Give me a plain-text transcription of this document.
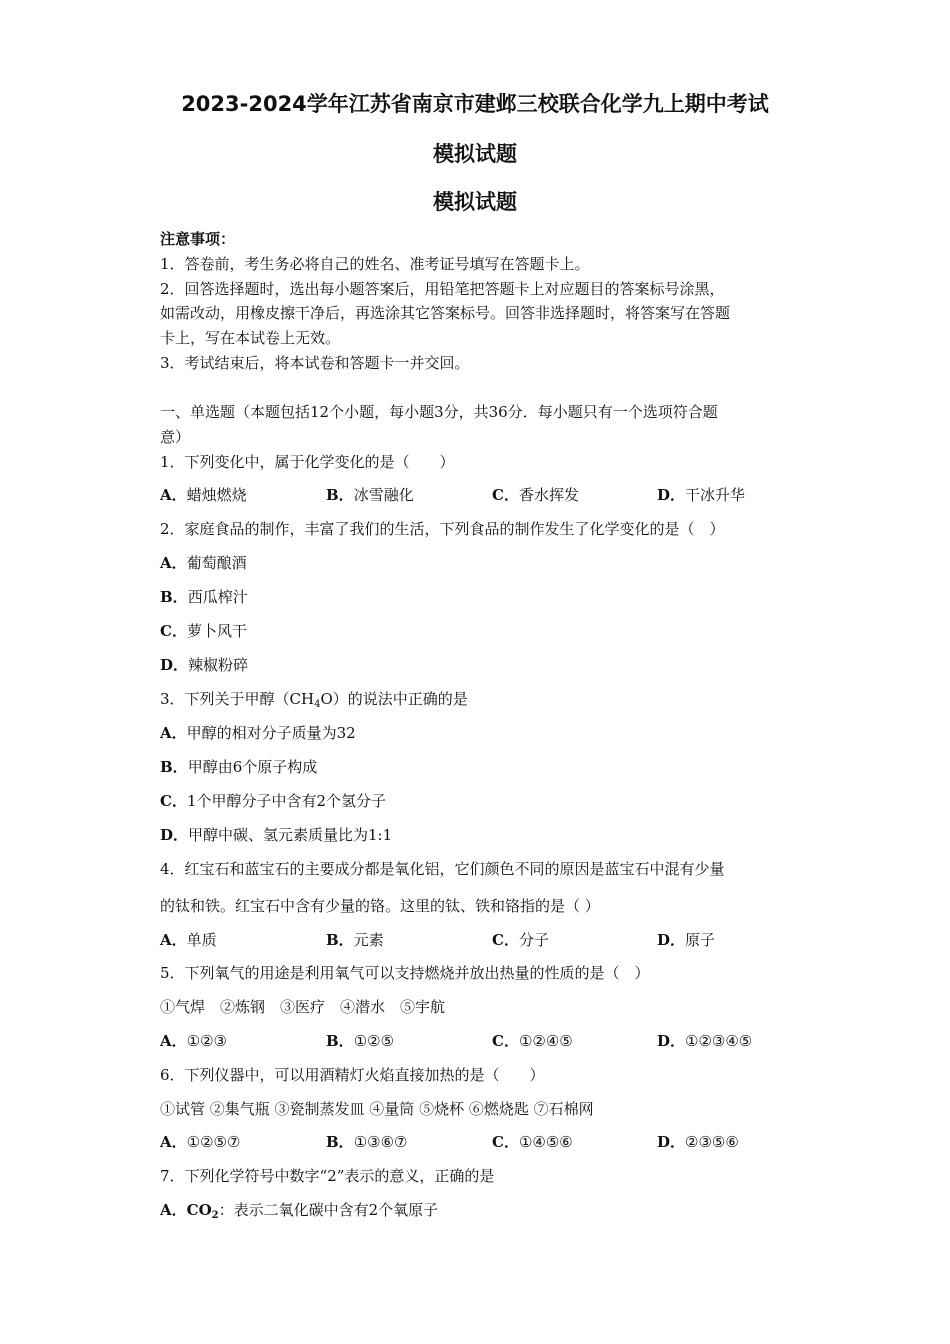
2023-2024学年江苏省南京市建邺三校联合化学九上期中考试
模拟试题
模拟试题
注意事项：
1．答卷前，考生务必将自己的姓名、准考证号填写在答题卡上。
2．回答选择题时，选出每小题答案后，用铅笔把答题卡上对应题目的答案标号涂黑，
如需改动，用橡皮擦干净后，再选涂其它答案标号。回答非选择题时，将答案写在答题
卡上，写在本试卷上无效。
3．考试结束后，将本试卷和答题卡一并交回。
一、单选题（本题包括12个小题，每小题3分，共36分．每小题只有一个选项符合题
意）
1．下列变化中，属于化学变化的是（　　）
A．蜡烛燃烧	B．冰雪融化	C．香水挥发	D．干冰升华
2．家庭食品的制作，丰富了我们的生活，下列食品的制作发生了化学变化的是（　）
A．葡萄酿酒
B．西瓜榨汁
C．萝卜风干
D．辣椒粉碎
3．下列关于甲醇$(CH_4O)$的说法中正确的是
A．甲醇的相对分子质量为32
B．甲醇由6个原子构成
C．1个甲醇分子中含有2个氢分子
D．甲醇中碳、氢元素质量比为1:1
4．红宝石和蓝宝石的主要成分都是氧化铝，它们颜色不同的原因是蓝宝石中混有少量
的钛和铁。红宝石中含有少量的铬。这里的钛、铁和铬指的是（ ）
A．单质	B．元素	C．分子	D．原子
5．下列氧气的用途是利用氧气可以支持燃烧并放出热量的性质的是（　）
①气焊　②炼钢　③医疗　④潜水　⑤宇航
A．①②③	B．①②⑤	C．①②④⑤	D．①②③④⑤
6．下列仪器中，可以用酒精灯火焰直接加热的是（　　）
①试管 ②集气瓶 ③瓷制蒸发皿 ④量筒 ⑤烧杯 ⑥燃烧匙 ⑦石棉网
A．①②⑤⑦	B．①③⑥⑦	C．①④⑤⑥	D．②③⑤⑥
7．下列化学符号中数字“2”表示的意义，正确的是
A．$CO_2$：表示二氧化碳中含有2个氧原子
